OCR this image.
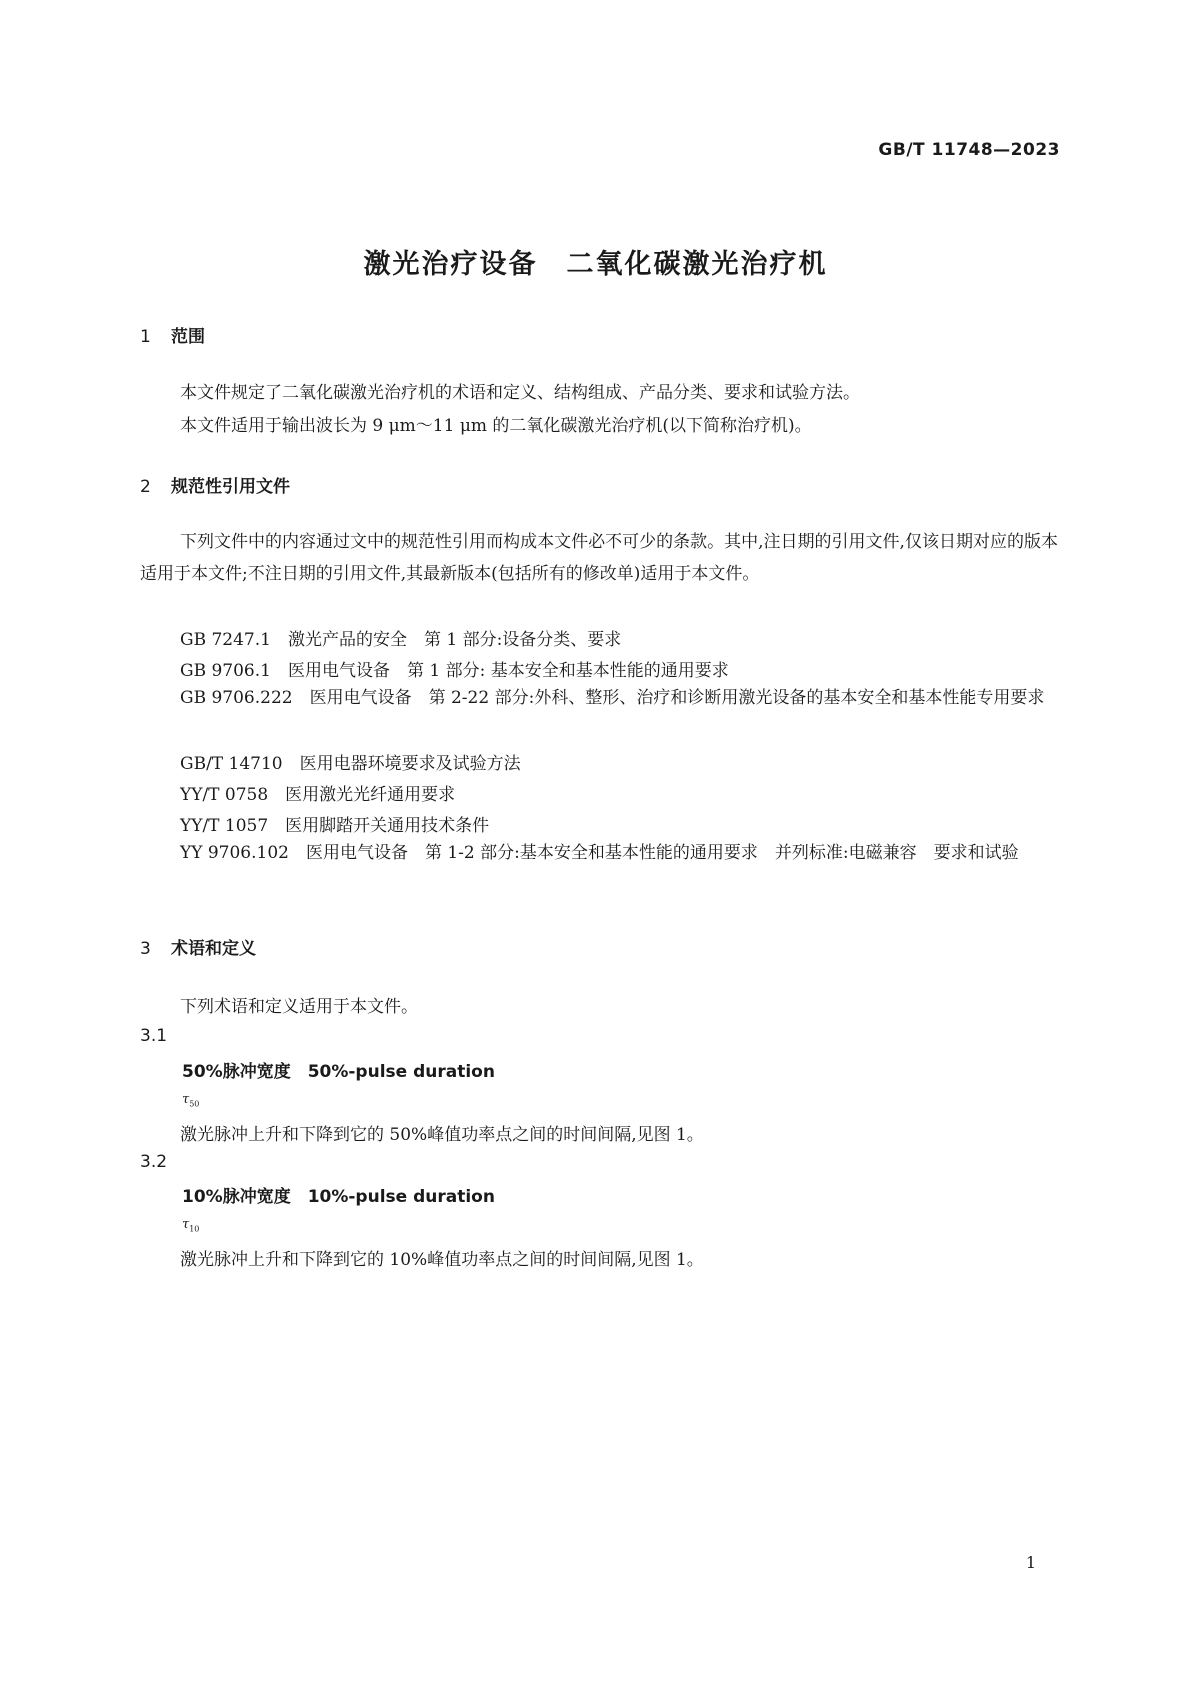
GB/T 11748—2023
激光治疗设备　二氧化碳激光治疗机
1 范围
本文件规定了二氧化碳激光治疗机的术语和定义、结构组成、产品分类、要求和试验方法。
本文件适用于输出波长为 9 μm～11 μm 的二氧化碳激光治疗机(以下简称治疗机)。
2 规范性引用文件
下列文件中的内容通过文中的规范性引用而构成本文件必不可少的条款。其中,注日期的引用文件,仅该日期对应的版本适用于本文件;不注日期的引用文件,其最新版本(包括所有的修改单)适用于本文件。
GB 7247.1　激光产品的安全　第 1 部分:设备分类、要求
GB 9706.1　医用电气设备　第 1 部分: 基本安全和基本性能的通用要求
GB 9706.222　医用电气设备　第 2-22 部分:外科、整形、治疗和诊断用激光设备的基本安全和基本性能专用要求
GB/T 14710　医用电器环境要求及试验方法
YY/T 0758　医用激光光纤通用要求
YY/T 1057　医用脚踏开关通用技术条件
YY 9706.102　医用电气设备　第 1-2 部分:基本安全和基本性能的通用要求　并列标准:电磁兼容　要求和试验
3 术语和定义
下列术语和定义适用于本文件。
3.1
50%脉冲宽度　50%-pulse duration
$\tau_{50}$
激光脉冲上升和下降到它的 50%峰值功率点之间的时间间隔,见图 1。
3.2
10%脉冲宽度　10%-pulse duration
$\tau_{10}$
激光脉冲上升和下降到它的 10%峰值功率点之间的时间间隔,见图 1。
1
